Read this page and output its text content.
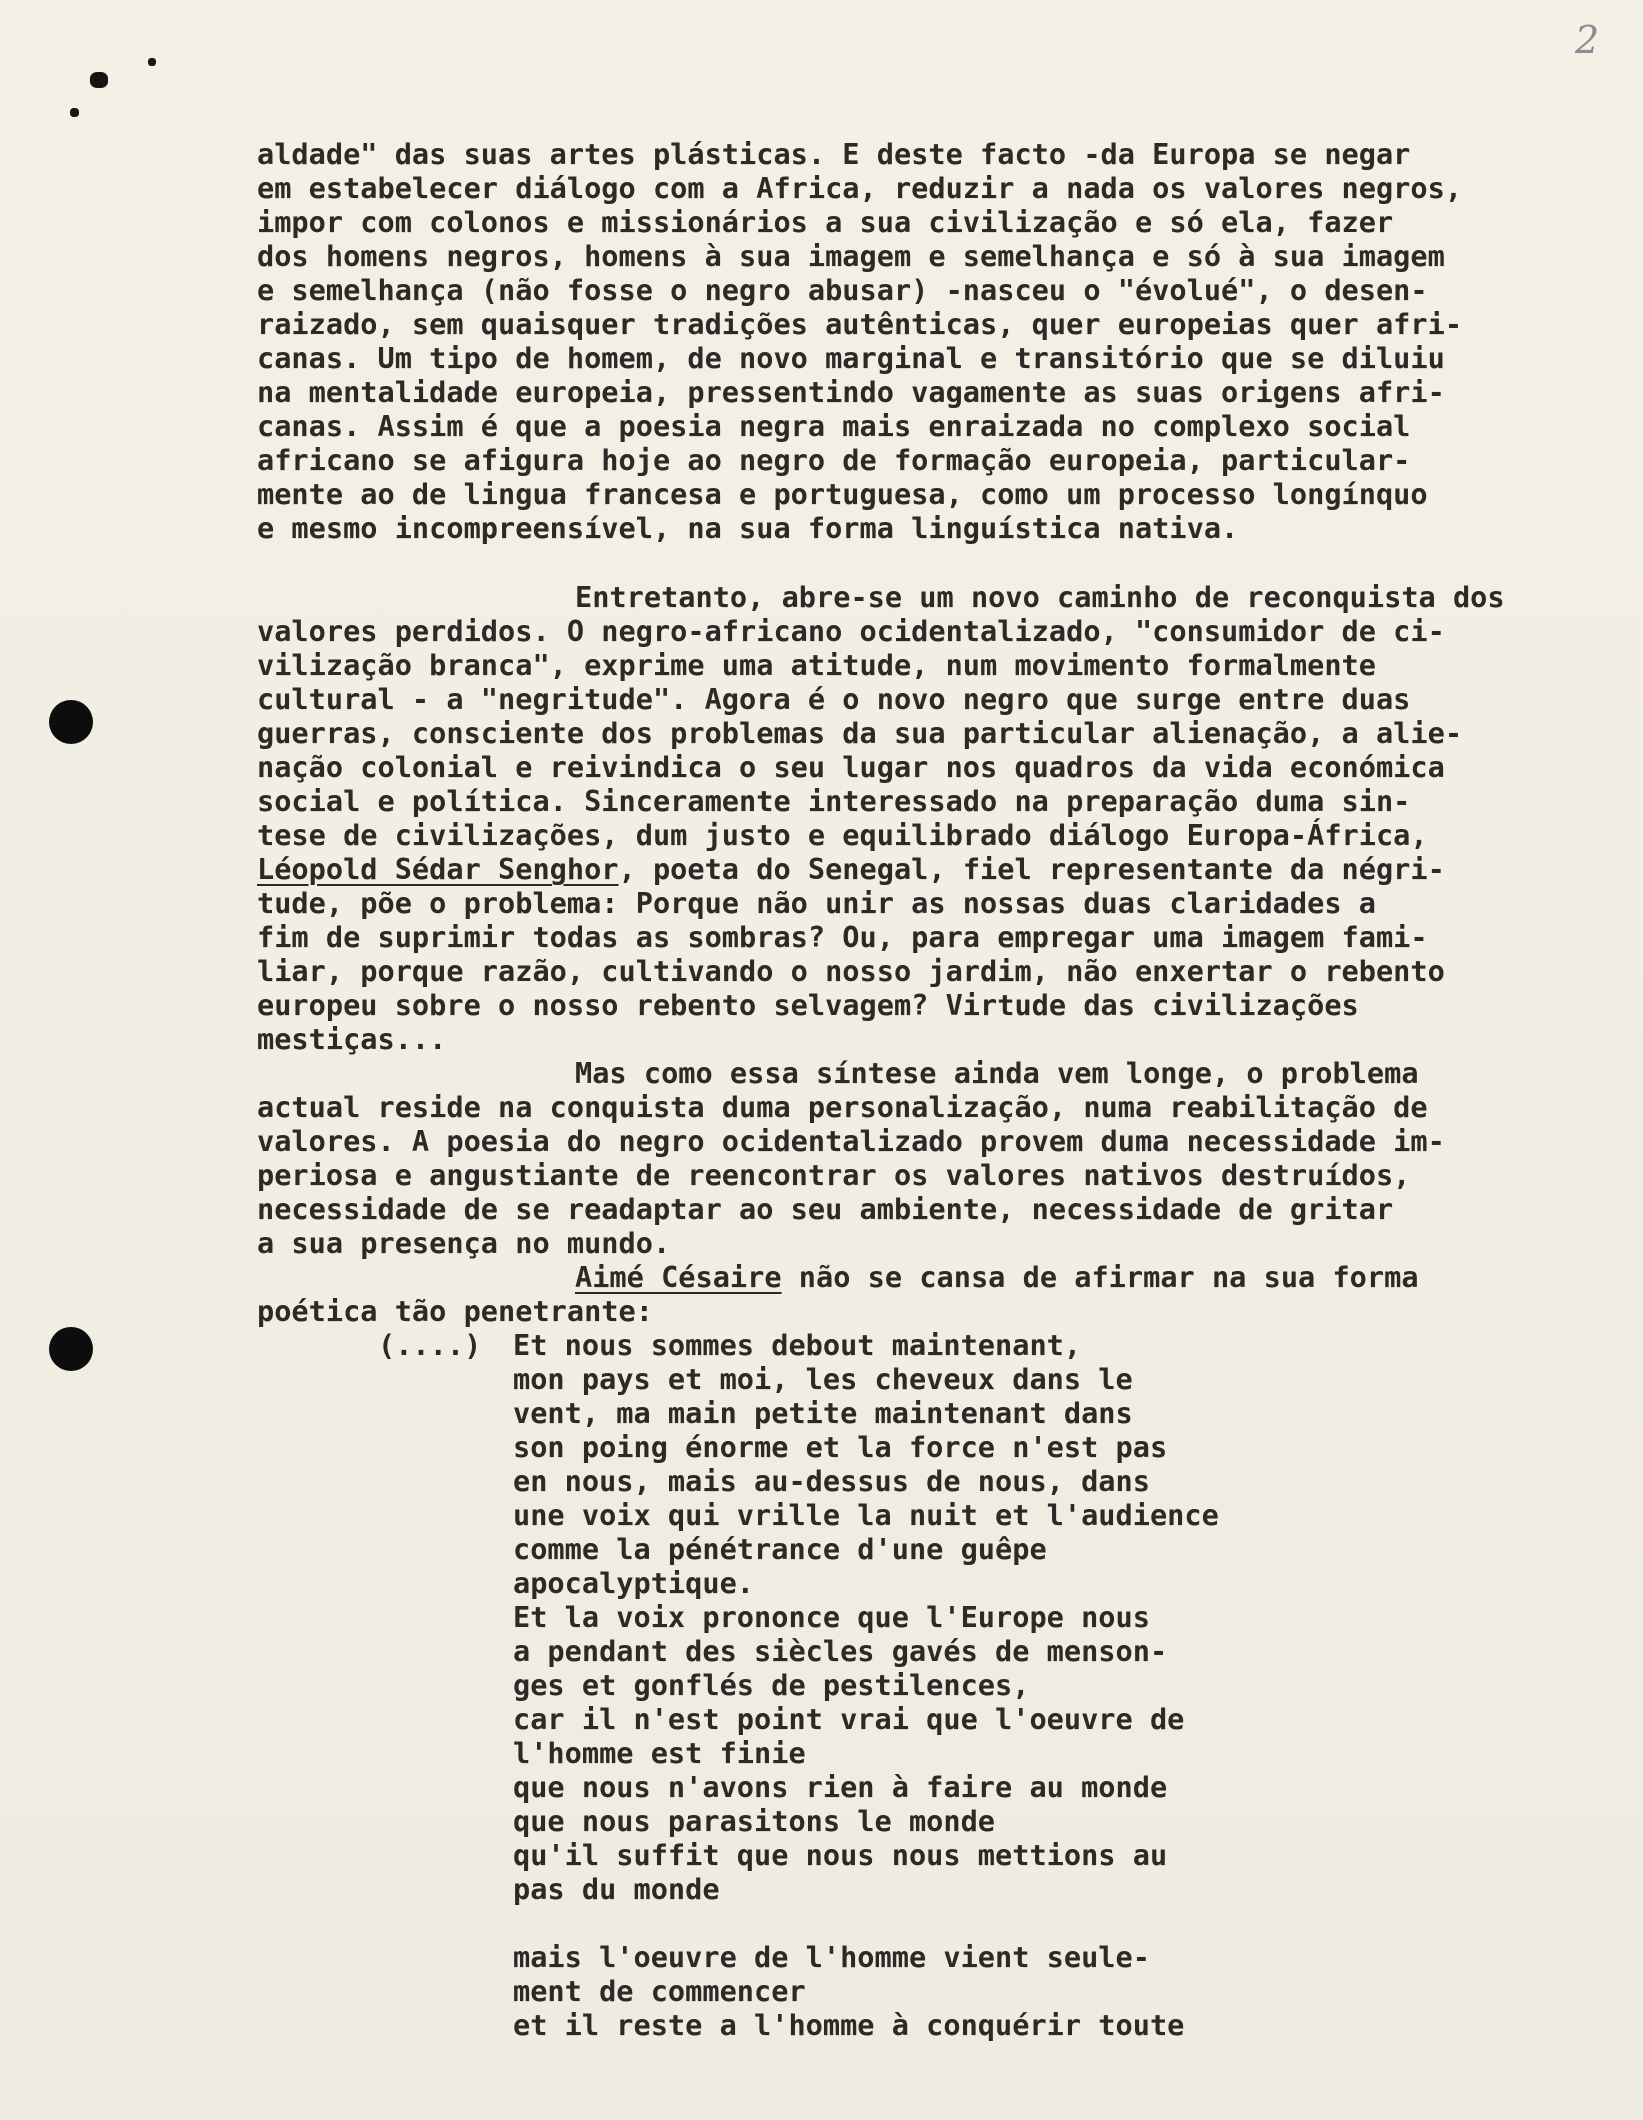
2
aldade" das suas artes plásticas. E deste facto -da Europa se negar
em estabelecer diálogo com a Africa, reduzir a nada os valores negros,
impor com colonos e missionários a sua civilização e só ela, fazer
dos homens negros, homens à sua imagem e semelhança e só à sua imagem
e semelhança (não fosse o negro abusar) -nasceu o "évolué", o desen-
raizado, sem quaisquer tradições autênticas, quer europeias quer afri-
canas. Um tipo de homem, de novo marginal e transitório que se diluiu
na mentalidade europeia, pressentindo vagamente as suas origens afri-
canas. Assim é que a poesia negra mais enraizada no complexo social
africano se afigura hoje ao negro de formação europeia, particular-
mente ao de lingua francesa e portuguesa, como um processo longínquo
e mesmo incompreensível, na sua forma linguística nativa.
Entretanto, abre-se um novo caminho de reconquista dos
valores perdidos. O negro-africano ocidentalizado, "consumidor de ci-
vilização branca", exprime uma atitude, num movimento formalmente
cultural - a "negritude". Agora é o novo negro que surge entre duas
guerras, consciente dos problemas da sua particular alienação, a alie-
nação colonial e reivindica o seu lugar nos quadros da vida económica
social e política. Sinceramente interessado na preparação duma sin-
tese de civilizações, dum justo e equilibrado diálogo Europa-África,
Léopold Sédar Senghor, poeta do Senegal, fiel representante da négri-
tude, põe o problema: Porque não unir as nossas duas claridades a
fim de suprimir todas as sombras? Ou, para empregar uma imagem fami-
liar, porque razão, cultivando o nosso jardim, não enxertar o rebento
europeu sobre o nosso rebento selvagem? Virtude das civilizações
mestiças...
Mas como essa síntese ainda vem longe, o problema
actual reside na conquista duma personalização, numa reabilitação de
valores. A poesia do negro ocidentalizado provem duma necessidade im-
periosa e angustiante de reencontrar os valores nativos destruídos,
necessidade de se readaptar ao seu ambiente, necessidade de gritar
a sua presença no mundo.
Aimé Césaire não se cansa de afirmar na sua forma
poética tão penetrante:
(....) Et nous sommes debout maintenant,
mon pays et moi, les cheveux dans le
vent, ma main petite maintenant dans
son poing énorme et la force n'est pas
en nous, mais au-dessus de nous, dans
une voix qui vrille la nuit et l'audience
comme la pénétrance d'une guêpe
apocalyptique.
Et la voix prononce que l'Europe nous
a pendant des siècles gavés de menson-
ges et gonflés de pestilences,
car il n'est point vrai que l'oeuvre de
l'homme est finie
que nous n'avons rien à faire au monde
que nous parasitons le monde
qu'il suffit que nous nous mettions au
pas du monde
mais l'oeuvre de l'homme vient seule-
ment de commencer
et il reste a l'homme à conquérir toute
